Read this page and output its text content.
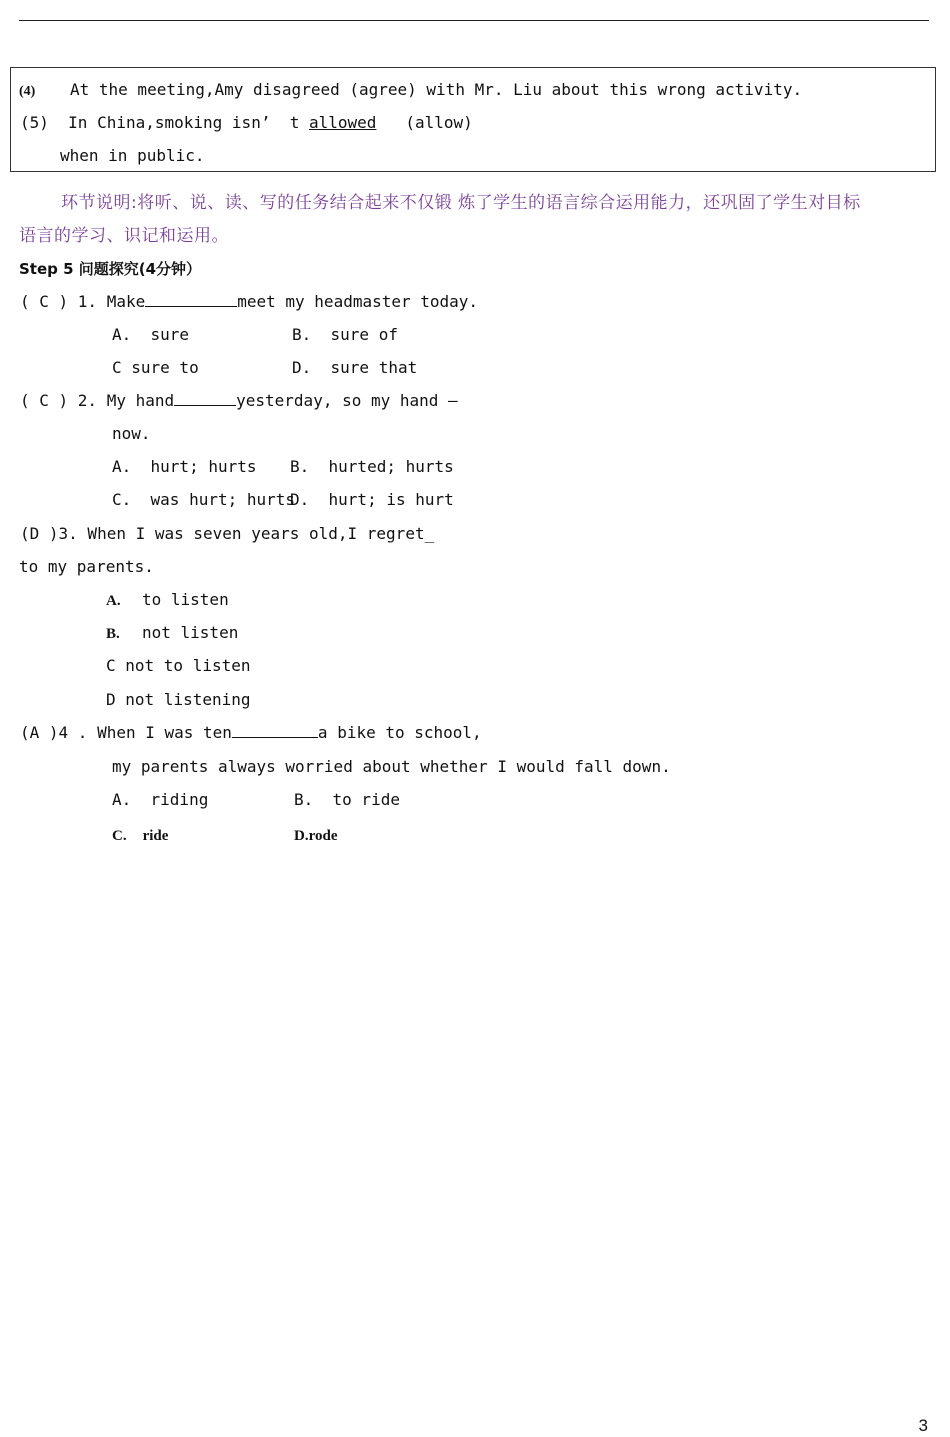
(4) At the meeting,Amy disagreed (agree) with Mr. Liu about this wrong activity.
(5)  In China,smoking isn’  t allowed   (allow)
when in public.
环节说明:将听、说、读、写的任务结合起来不仅锻 炼了学生的语言综合运用能力，还巩固了学生对目标
语言的学习、识记和运用。
Step 5 问题探究(4分钟）
( C ) 1. Make	meet my headmaster today.
A.  sure	B.  sure of
C sure to	D.  sure that
( C ) 2. My hand	yesterday, so my hand —
now.
A.  hurt; hurts B.  hurted; hurts
C.  was hurt; hurts
D.  hurt; is hurt
(D )3. When I was seven years old,I regret_
to my parents.
A. to listen
B. not listen
C not to listen
D not listening
(A )4 . When I was ten	a bike to school,
my parents always worried about whether I would fall down.
A.  riding	B.  to ride
C. ride	D.rode
3
